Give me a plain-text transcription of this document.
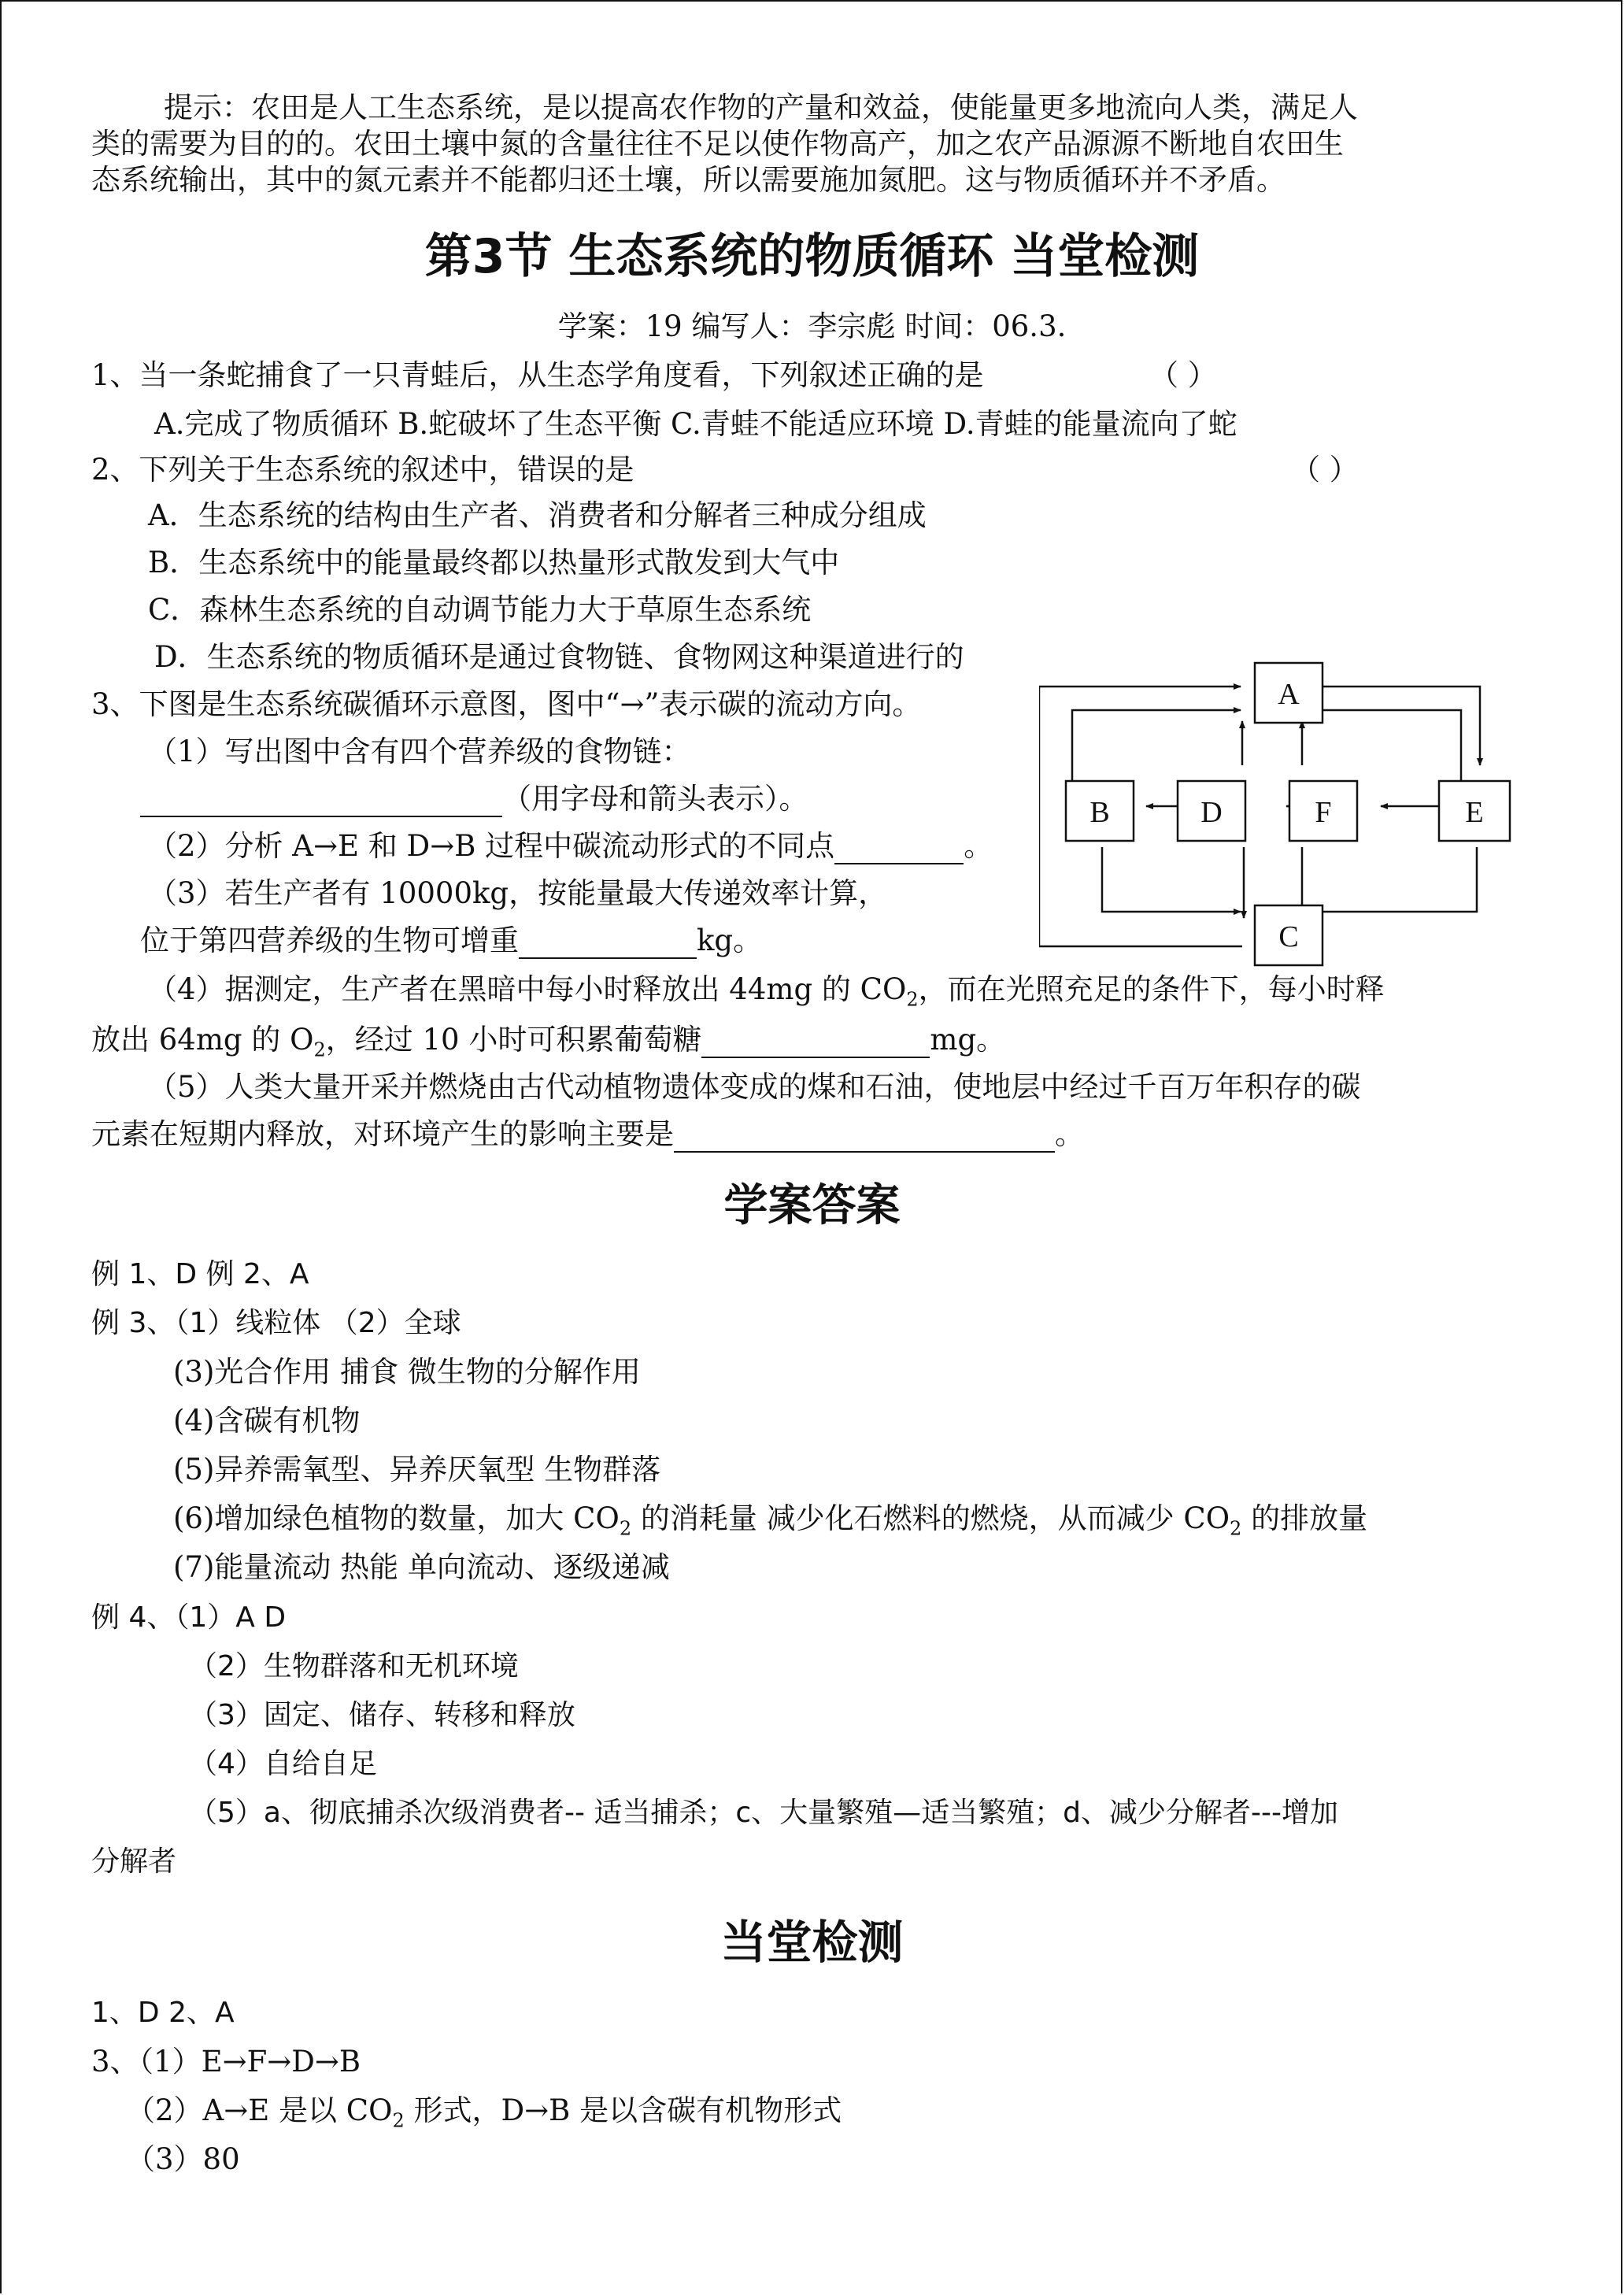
提示：农田是人工生态系统，是以提高农作物的产量和效益，使能量更多地流向人类，满足人
类的需要为目的的。农田土壤中氮的含量往往不足以使作物高产，加之农产品源源不断地自农田生
态系统输出，其中的氮元素并不能都归还土壤，所以需要施加氮肥。这与物质循环并不矛盾。
第3节 生态系统的物质循环 当堂检测
学案：19 编写人：李宗彪 时间：06.3.
1、当一条蛇捕食了一只青蛙后，从生态学角度看，下列叙述正确的是	（ ）
A.完成了物质循环 B.蛇破坏了生态平衡 C.青蛙不能适应环境 D.青蛙的能量流向了蛇
2、下列关于生态系统的叙述中，错误的是	（ ）
A．生态系统的结构由生产者、消费者和分解者三种成分组成
B．生态系统中的能量最终都以热量形式散发到大气中
C．森林生态系统的自动调节能力大于草原生态系统
D．生态系统的物质循环是通过食物链、食物网这种渠道进行的
3、下图是生态系统碳循环示意图，图中“→”表示碳的流动方向。
（1）写出图中含有四个营养级的食物链：
（用字母和箭头表示）。
（2）分析 A→E 和 D→B 过程中碳流动形式的不同点	。
（3）若生产者有 10000kg，按能量最大传递效率计算，
位于第四营养级的生物可增重	kg。
（4）据测定，生产者在黑暗中每小时释放出 44mg 的 $CO_2$，而在光照充足的条件下，每小时释
放出 64mg 的 $O_2$，经过 10 小时可积累葡萄糖	mg。
（5）人类大量开采并燃烧由古代动植物遗体变成的煤和石油，使地层中经过千百万年积存的碳
元素在短期内释放，对环境产生的影响主要是	。
A
B	D	F	E
C
学案答案
例 1、D 例 2、A
例 3、（1）线粒体 （2）全球
(3)光合作用 捕食 微生物的分解作用
(4)含碳有机物
(5)异养需氧型、异养厌氧型 生物群落
(6)增加绿色植物的数量，加大 $CO_2$ 的消耗量 减少化石燃料的燃烧，从而减少 $CO_2$ 的排放量
(7)能量流动 热能 单向流动、逐级递减
例 4、（1）A D
（2）生物群落和无机环境
（3）固定、储存、转移和释放
（4）自给自足
（5）a、彻底捕杀次级消费者-- 适当捕杀；c、大量繁殖—适当繁殖；d、减少分解者---增加
分解者
当堂检测
1、D 2、A
3、（1）E→F→D→B
（2）A→E 是以 $CO_2$ 形式，D→B 是以含碳有机物形式
（3）80
